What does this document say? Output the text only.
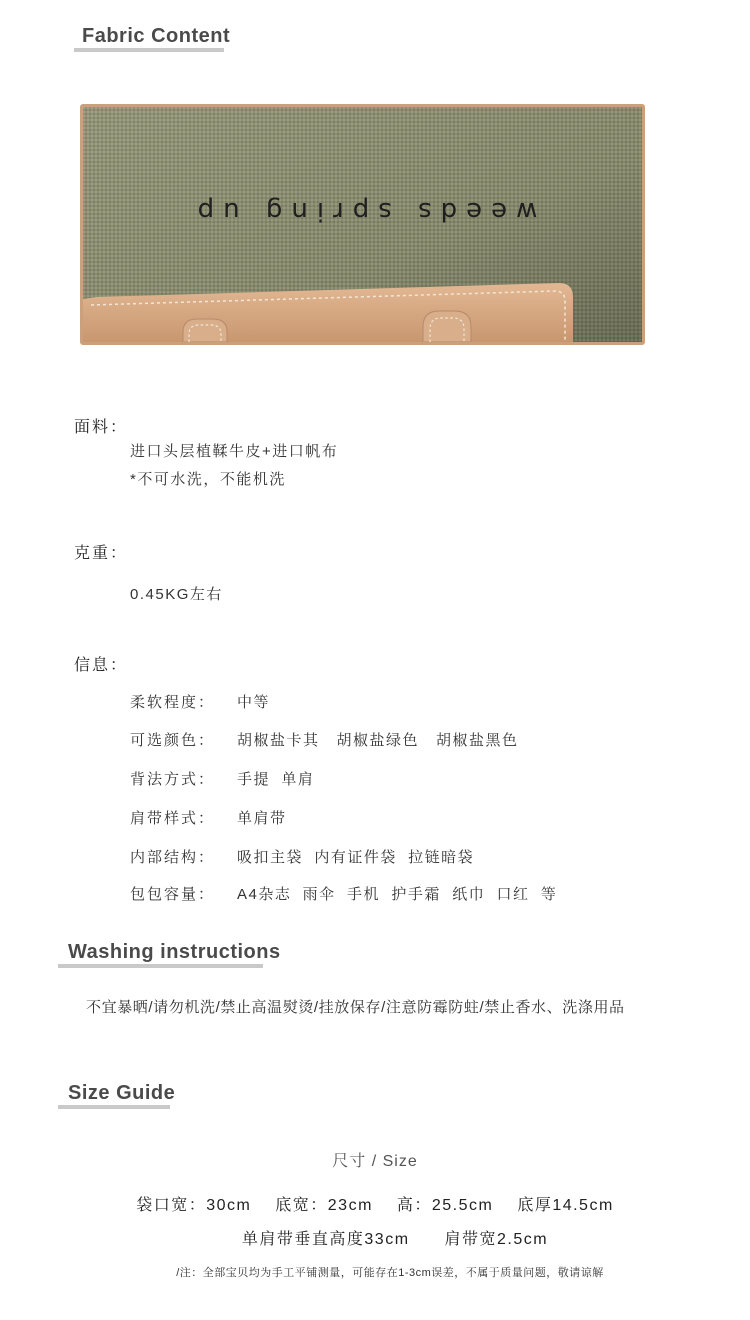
Fabric Content
weeds spring up
面料：
进口头层植鞣牛皮+进口帆布
*不可水洗，不能机洗
克重：
0.45KG左右
信息：
柔软程度： 中等
可选颜色： 胡椒盐卡其   胡椒盐绿色   胡椒盐黑色
背法方式： 手提  单肩
肩带样式： 单肩带
内部结构： 吸扣主袋  内有证件袋  拉链暗袋
包包容量： A4杂志  雨伞  手机  护手霜  纸巾  口红  等
Washing instructions
不宜暴晒/请勿机洗/禁止高温熨烫/挂放保存/注意防霉防蛀/禁止香水、洗涤用品
Size Guide
尺寸 / Size
袋口宽：30cm 底宽：23cm 高：25.5cm 底厚14.5cm
单肩带垂直高度33cm 肩带宽2.5cm
/注：全部宝贝均为手工平铺测量，可能存在1-3cm误差，不属于质量问题，敬请谅解
